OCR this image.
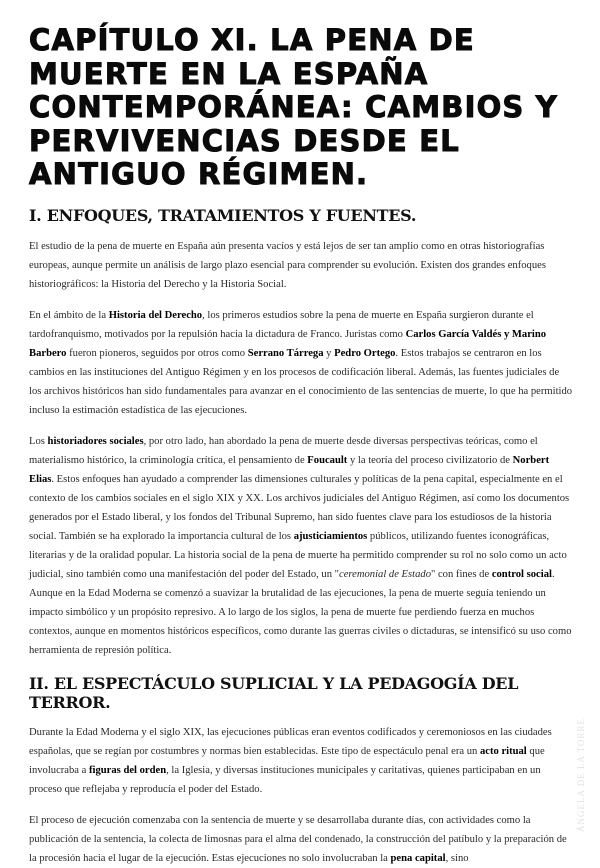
CAPÍTULO XI. LA PENA DE MUERTE EN LA ESPAÑA CONTEMPORÁNEA: CAMBIOS Y PERVIVENCIAS DESDE EL ANTIGUO RÉGIMEN.
I. ENFOQUES, TRATAMIENTOS Y FUENTES.

El estudio de la pena de muerte en España aún presenta vacíos y está lejos de ser tan amplio como en otras historiografías europeas, aunque permite un análisis de largo plazo esencial para comprender su evolución. Existen dos grandes enfoques historiográficos: la Historia del Derecho y la Historia Social.

En el ámbito de la Historia del Derecho, los primeros estudios sobre la pena de muerte en España surgieron durante el tardofranquismo, motivados por la repulsión hacia la dictadura de Franco. Juristas como Carlos García Valdés y Marino Barbero fueron pioneros, seguidos por otros como Serrano Tárrega y Pedro Ortego. Estos trabajos se centraron en los cambios en las instituciones del Antiguo Régimen y en los procesos de codificación liberal. Además, las fuentes judiciales de los archivos históricos han sido fundamentales para avanzar en el conocimiento de las sentencias de muerte, lo que ha permitido incluso la estimación estadística de las ejecuciones.

Los historiadores sociales, por otro lado, han abordado la pena de muerte desde diversas perspectivas teóricas, como el materialismo histórico, la criminología crítica, el pensamiento de Foucault y la teoría del proceso civilizatorio de Norbert Elias. Estos enfoques han ayudado a comprender las dimensiones culturales y políticas de la pena capital, especialmente en el contexto de los cambios sociales en el siglo XIX y XX. Los archivos judiciales del Antiguo Régimen, así como los documentos generados por el Estado liberal, y los fondos del Tribunal Supremo, han sido fuentes clave para los estudiosos de la historia social. También se ha explorado la importancia cultural de los ajusticiamientos públicos, utilizando fuentes iconográficas, literarias y de la oralidad popular. La historia social de la pena de muerte ha permitido comprender su rol no solo como un acto judicial, sino también como una manifestación del poder del Estado, un "ceremonial de Estado" con fines de control social. Aunque en la Edad Moderna se comenzó a suavizar la brutalidad de las ejecuciones, la pena de muerte seguía teniendo un impacto simbólico y un propósito represivo. A lo largo de los siglos, la pena de muerte fue perdiendo fuerza en muchos contextos, aunque en momentos históricos específicos, como durante las guerras civiles o dictaduras, se intensificó su uso como herramienta de represión política.

II. EL ESPECTÁCULO SUPLICIAL Y LA PEDAGOGÍA DEL TERROR.

Durante la Edad Moderna y el siglo XIX, las ejecuciones públicas eran eventos codificados y ceremoniosos en las ciudades españolas, que se regían por costumbres y normas bien establecidas. Este tipo de espectáculo penal era un acto ritual que involucraba a figuras del orden, la Iglesia, y diversas instituciones municipales y caritativas, quienes participaban en un proceso que reflejaba y reproducía el poder del Estado.

El proceso de ejecución comenzaba con la sentencia de muerte y se desarrollaba durante días, con actividades como la publicación de la sentencia, la colecta de limosnas para el alma del condenado, la construcción del patíbulo y la preparación de la procesión hacia el lugar de la ejecución. Estas ejecuciones no solo involucraban la pena capital, sino

ÁNGELA DE LA TORRE
